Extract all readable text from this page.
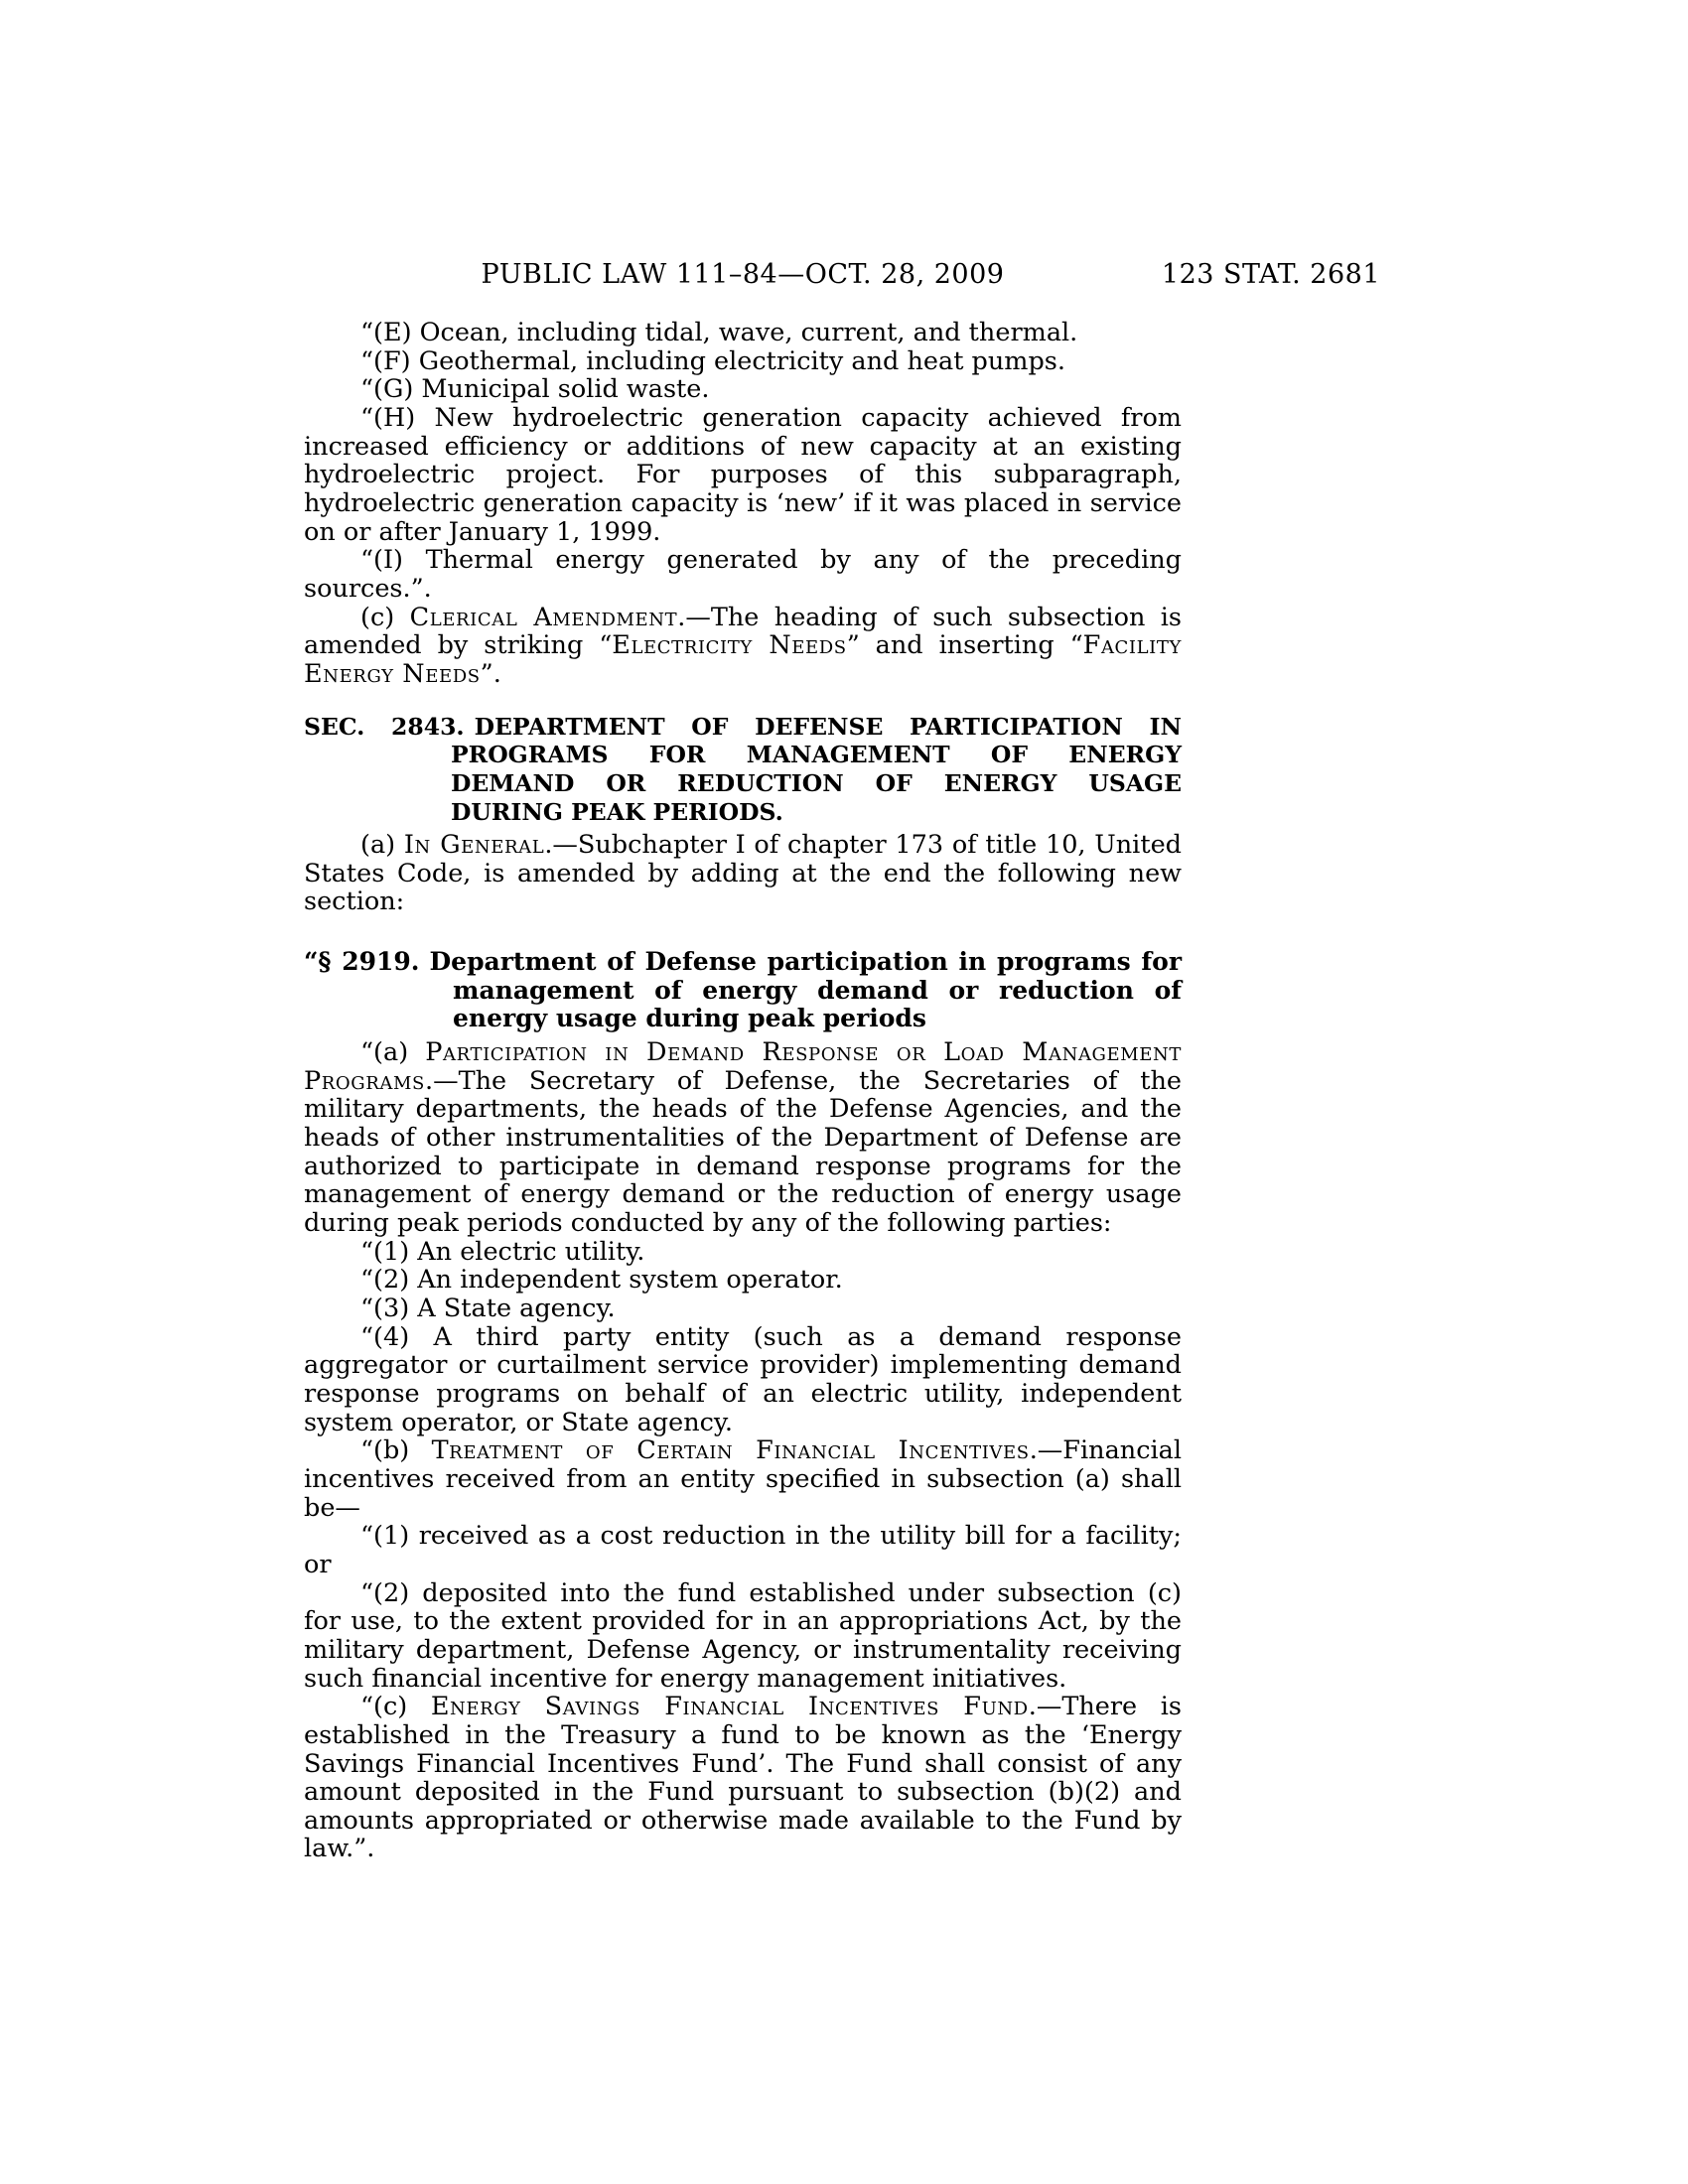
PUBLIC LAW 111–84—OCT. 28, 2009	123 STAT. 2681

“(E) Ocean, including tidal, wave, current, and thermal.

“(F) Geothermal, including electricity and heat pumps.

“(G) Municipal solid waste.

“(H) New hydroelectric generation capacity achieved from increased efficiency or additions of new capacity at an existing hydroelectric project. For purposes of this subparagraph, hydroelectric generation capacity is ‘new’ if it was placed in service on or after January 1, 1999.

“(I) Thermal energy generated by any of the preceding sources.”.

(c) Clerical Amendment.—The heading of such subsection is amended by striking “Electricity Needs” and inserting “Facility Energy Needs”.

SEC. 2843. DEPARTMENT OF DEFENSE PARTICIPATION IN PROGRAMS FOR MANAGEMENT OF ENERGY DEMAND OR REDUCTION OF ENERGY USAGE DURING PEAK PERIODS.

(a) In General.—Subchapter I of chapter 173 of title 10, United States Code, is amended by adding at the end the following new section:

“§ 2919. Department of Defense participation in programs for management of energy demand or reduction of energy usage during peak periods

“(a) Participation in Demand Response or Load Management Programs.—The Secretary of Defense, the Secretaries of the military departments, the heads of the Defense Agencies, and the heads of other instrumentalities of the Department of Defense are authorized to participate in demand response programs for the management of energy demand or the reduction of energy usage during peak periods conducted by any of the following parties:

“(1) An electric utility.

“(2) An independent system operator.

“(3) A State agency.

“(4) A third party entity (such as a demand response aggregator or curtailment service provider) implementing demand response programs on behalf of an electric utility, independent system operator, or State agency.

“(b) Treatment of Certain Financial Incentives.—Financial incentives received from an entity specified in subsection (a) shall be—

“(1) received as a cost reduction in the utility bill for a facility; or

“(2) deposited into the fund established under subsection (c) for use, to the extent provided for in an appropriations Act, by the military department, Defense Agency, or instrumentality receiving such financial incentive for energy management initiatives.

“(c) Energy Savings Financial Incentives Fund.—There is established in the Treasury a fund to be known as the ‘Energy Savings Financial Incentives Fund’. The Fund shall consist of any amount deposited in the Fund pursuant to subsection (b)(2) and amounts appropriated or otherwise made available to the Fund by law.”.
